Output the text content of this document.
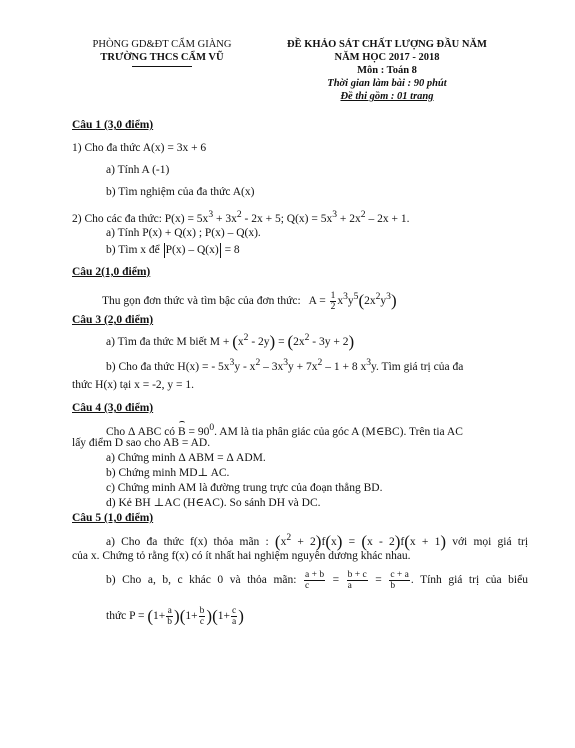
PHÒNG GD&ĐT CẨM GIÀNG
TRƯỜNG THCS CẨM VŨ
ĐỀ KHẢO SÁT CHẤT LƯỢNG ĐẦU NĂM
NĂM HỌC 2017 - 2018
Môn : Toán 8
Thời gian làm bài : 90 phút
Đề thi gồm : 01 trang
Câu 1 (3,0 điểm)
1) Cho đa thức A(x) = 3x + 6
a) Tính A (-1)
b) Tìm nghiệm của đa thức A(x)
2) Cho các đa thức: $P(x) = 5x^3 + 3x^2 - 2x + 5$; $Q(x) = 5x^3 + 2x^2 - 2x + 1$.
a) Tính P(x) + Q(x) ; P(x) – Q(x).
b) Tìm x để P(x) – Q(x) = 8
Câu 2(1,0 điểm)
Thu gọn đơn thức và tìm bậc của đơn thức:   $A = \frac{1}{2} x^3y^5(2x^2y^3)$
Câu 3 (2,0 điểm)
a) Tìm đa thức M biết $M + (x^2 - 2y) = (2x^2 - 3y + 2)$
b) Cho đa thức H(x) = - $5x^3y - x^2 - 3x^3y + 7x^2 - 1 + 8$ $x^3y$. Tìm giá trị của đa
thức H(x) tại x = -2, y = 1.
Câu 4 (3,0 điểm)
Cho Δ ABC có $B = 90^0$. AM là tia phân giác của góc A (M∈BC). Trên tia AC
lấy điểm D sao cho AB = AD.
a) Chứng minh Δ ABM = Δ ADM.
b) Chứng minh MD⊥ AC.
c) Chứng minh AM là đường trung trực của đoạn thẳng BD.
d) Kẻ BH ⊥AC (H∈AC). So sánh DH và DC.
Câu 5 (1,0 điểm)
a) Cho đa thức f(x) thỏa mãn : $(x^2 + 2)f(x) = (x - 2)f(x + 1)$ với mọi giá trị
của x. Chứng tỏ rằng f(x) có ít nhất hai nghiệm nguyên dương khác nhau.
b) Cho a, b, c khác 0 và thỏa mãn: $\frac{a + b}{c} = \frac{b + c}{a} = \frac{c + a}{b}$ . Tính giá trị của biểu
thức $P = (1+ \frac{a}{b} )(1+ \frac{b}{c} )(1+ \frac{c}{a}$ )
